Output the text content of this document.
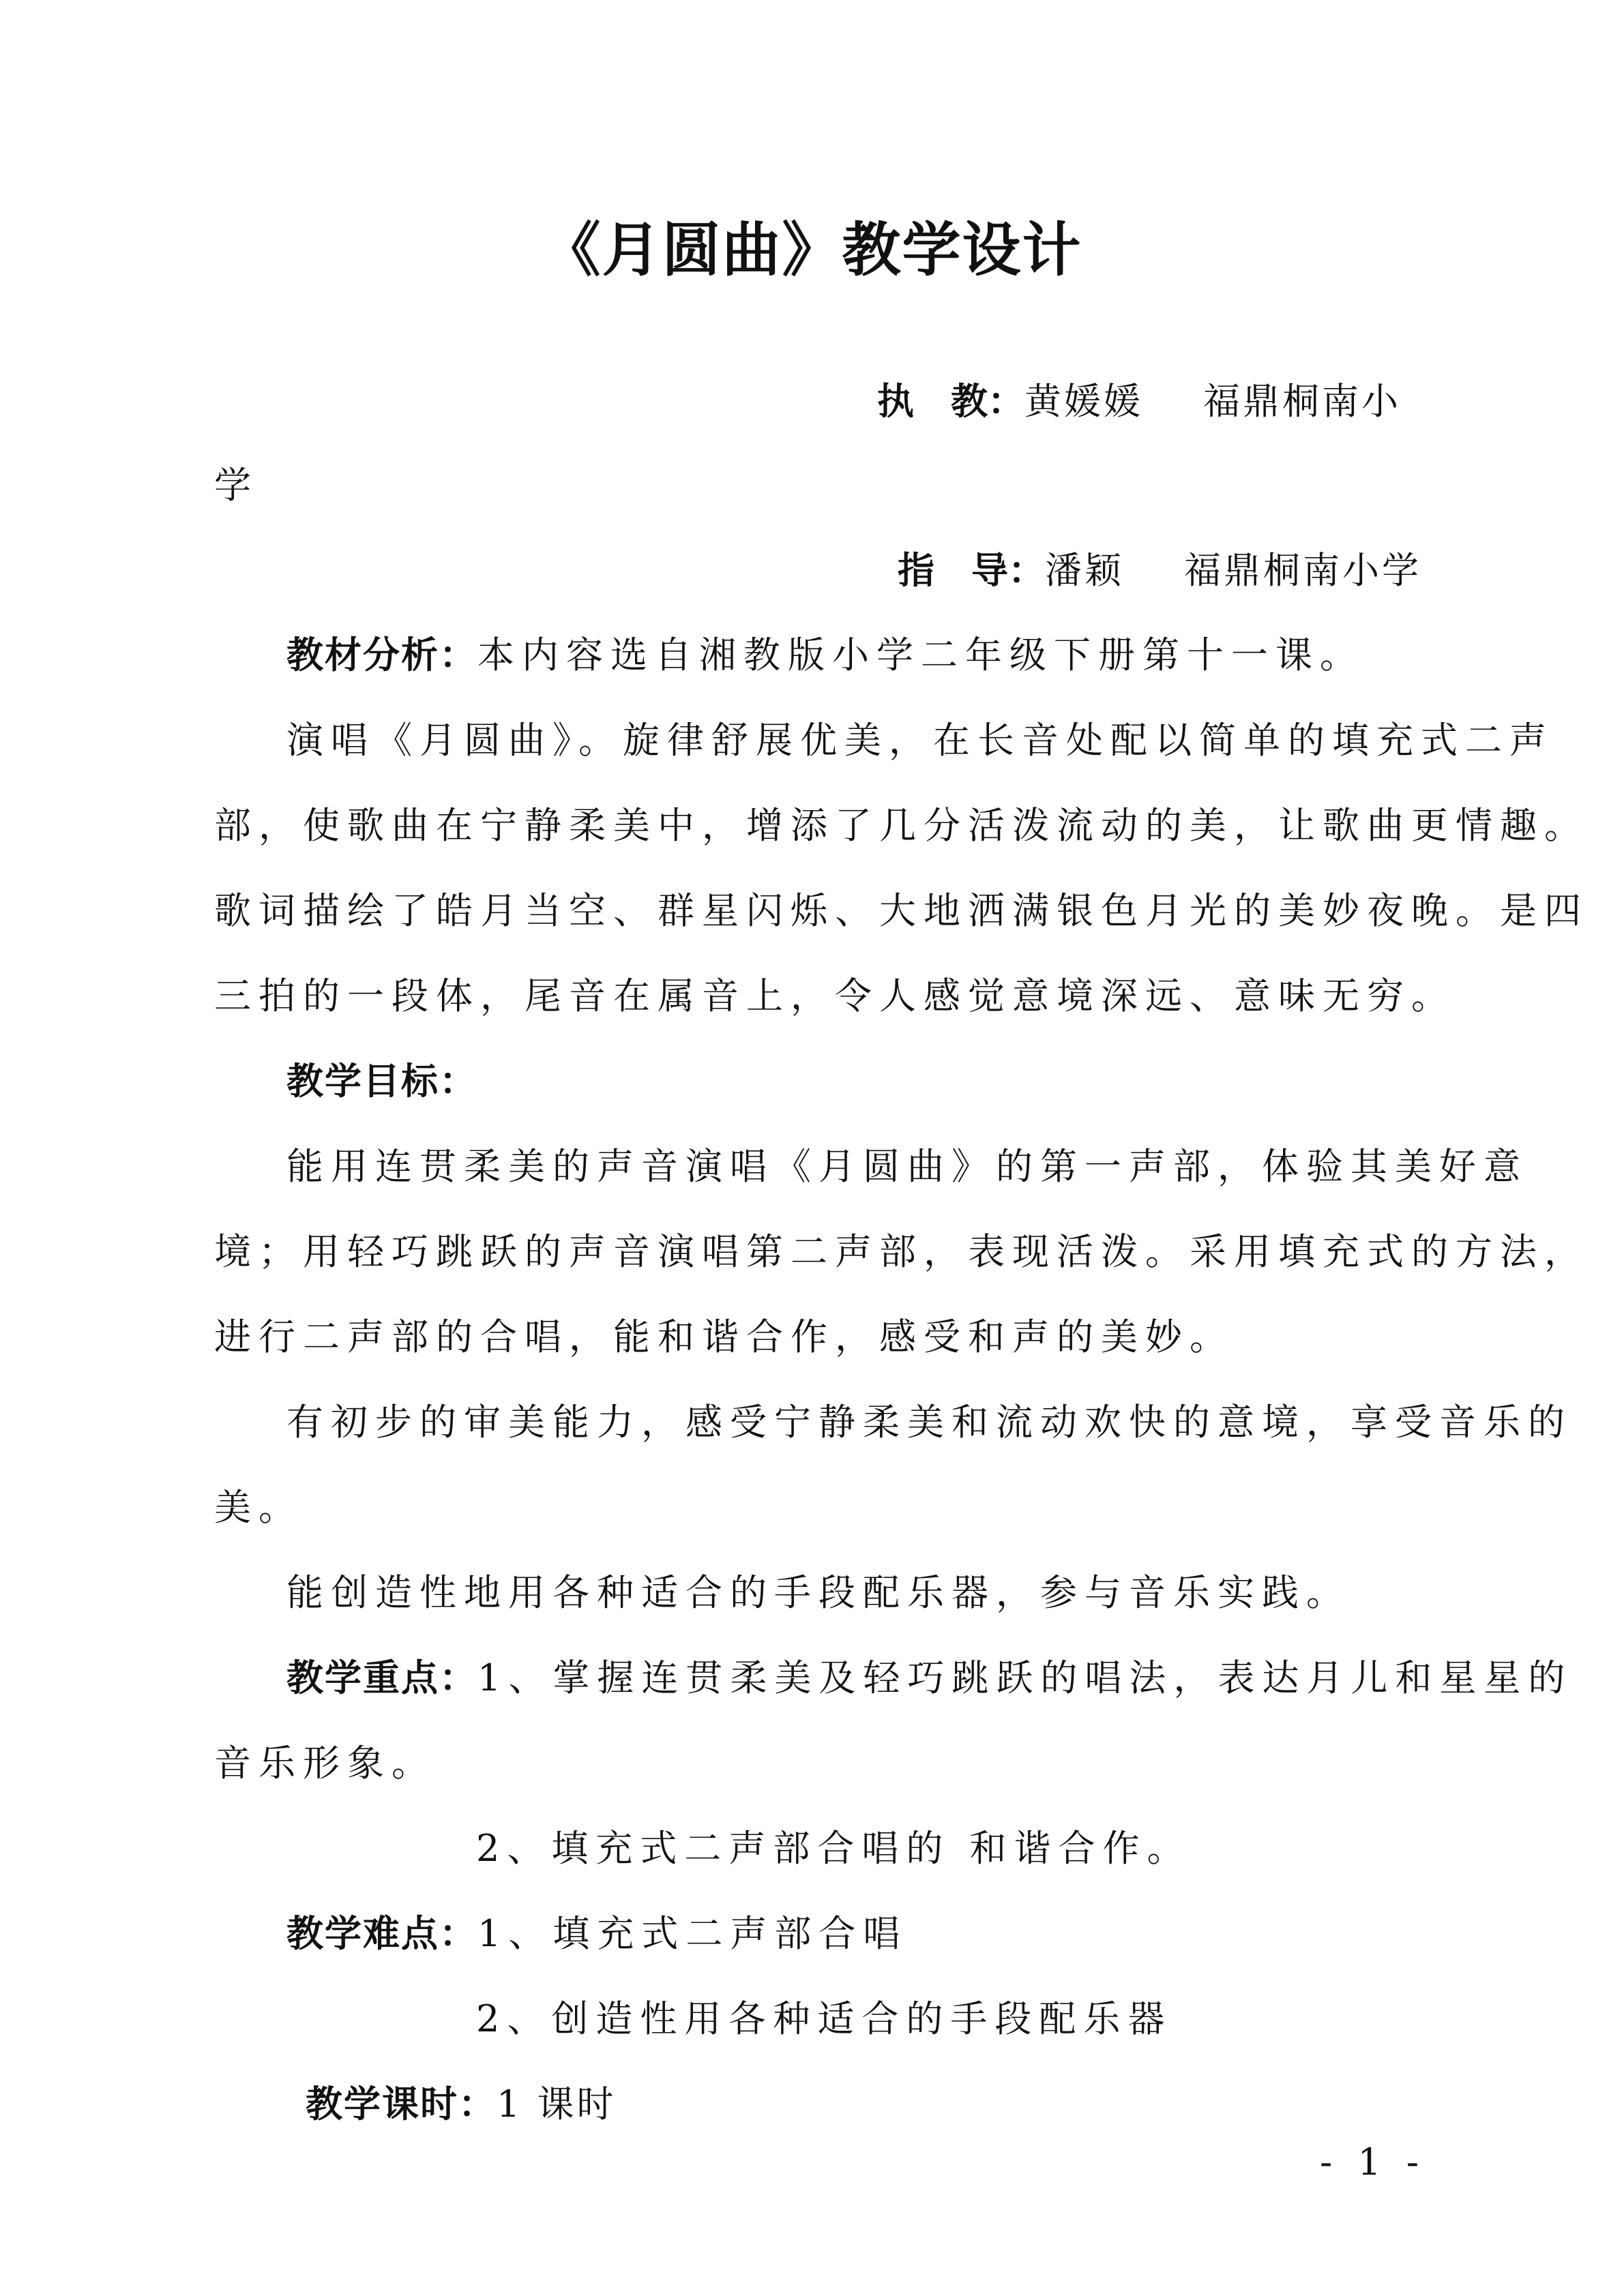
《月圆曲》教学设计
执　教：黄媛媛 福鼎桐南小
学
指　导：潘颖 福鼎桐南小学
教材分析：本内容选自湘教版小学二年级下册第十一课。
演唱《月圆曲》。旋律舒展优美，在长音处配以简单的填充式二声
部，使歌曲在宁静柔美中，增添了几分活泼流动的美，让歌曲更情趣。
歌词描绘了皓月当空、群星闪烁、大地洒满银色月光的美妙夜晚。是四
三拍的一段体，尾音在属音上，令人感觉意境深远、意味无穷。
教学目标：
能用连贯柔美的声音演唱《月圆曲》的第一声部，体验其美好意
境；用轻巧跳跃的声音演唱第二声部，表现活泼。采用填充式的方法，
进行二声部的合唱，能和谐合作，感受和声的美妙。
有初步的审美能力，感受宁静柔美和流动欢快的意境，享受音乐的
美。
能创造性地用各种适合的手段配乐器，参与音乐实践。
教学重点：1、掌握连贯柔美及轻巧跳跃的唱法，表达月儿和星星的
音乐形象。
2、填充式二声部合唱的 和谐合作。
教学难点：1、填充式二声部合唱
2、创造性用各种适合的手段配乐器
教学课时：1 课时
- 1 -
